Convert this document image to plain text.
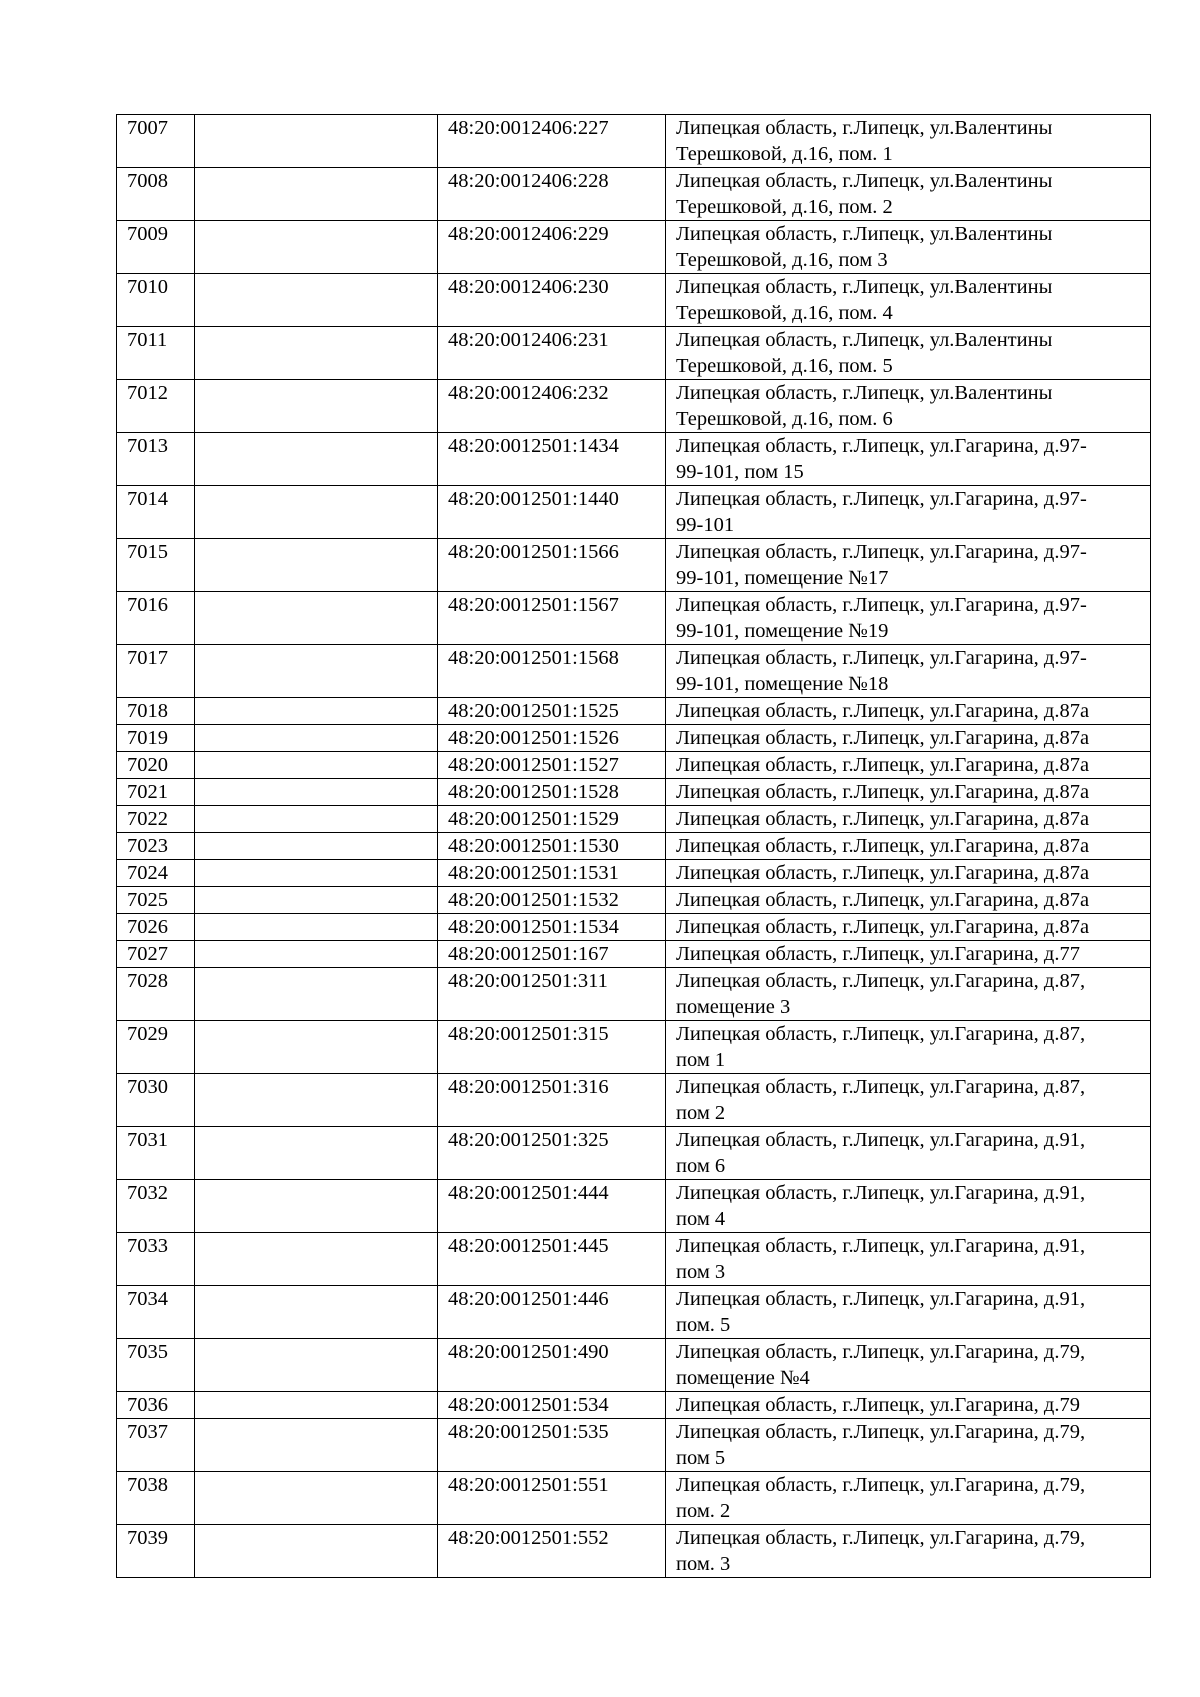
7007		48:20:0012406:227	Липецкая область, г.Липецк, ул.Валентины
Терешковой, д.16, пом. 1

7008		48:20:0012406:228	Липецкая область, г.Липецк, ул.Валентины
Терешковой, д.16, пом. 2

7009		48:20:0012406:229	Липецкая область, г.Липецк, ул.Валентины
Терешковой, д.16, пом 3

7010		48:20:0012406:230	Липецкая область, г.Липецк, ул.Валентины
Терешковой, д.16, пом. 4

7011		48:20:0012406:231	Липецкая область, г.Липецк, ул.Валентины
Терешковой, д.16, пом. 5

7012		48:20:0012406:232	Липецкая область, г.Липецк, ул.Валентины
Терешковой, д.16, пом. 6

7013		48:20:0012501:1434	Липецкая область, г.Липецк, ул.Гагарина, д.97-
99-101, пом 15

7014		48:20:0012501:1440	Липецкая область, г.Липецк, ул.Гагарина, д.97-
99-101

7015		48:20:0012501:1566	Липецкая область, г.Липецк, ул.Гагарина, д.97-
99-101, помещение №17

7016		48:20:0012501:1567	Липецкая область, г.Липецк, ул.Гагарина, д.97-
99-101, помещение №19

7017		48:20:0012501:1568	Липецкая область, г.Липецк, ул.Гагарина, д.97-
99-101, помещение №18

7018		48:20:0012501:1525	Липецкая область, г.Липецк, ул.Гагарина, д.87а

7019		48:20:0012501:1526	Липецкая область, г.Липецк, ул.Гагарина, д.87а

7020		48:20:0012501:1527	Липецкая область, г.Липецк, ул.Гагарина, д.87а

7021		48:20:0012501:1528	Липецкая область, г.Липецк, ул.Гагарина, д.87а

7022		48:20:0012501:1529	Липецкая область, г.Липецк, ул.Гагарина, д.87а

7023		48:20:0012501:1530	Липецкая область, г.Липецк, ул.Гагарина, д.87а

7024		48:20:0012501:1531	Липецкая область, г.Липецк, ул.Гагарина, д.87а

7025		48:20:0012501:1532	Липецкая область, г.Липецк, ул.Гагарина, д.87а

7026		48:20:0012501:1534	Липецкая область, г.Липецк, ул.Гагарина, д.87а

7027		48:20:0012501:167	Липецкая область, г.Липецк, ул.Гагарина, д.77

7028		48:20:0012501:311	Липецкая область, г.Липецк, ул.Гагарина, д.87,
помещение 3

7029		48:20:0012501:315	Липецкая область, г.Липецк, ул.Гагарина, д.87,
пом 1

7030		48:20:0012501:316	Липецкая область, г.Липецк, ул.Гагарина, д.87,
пом 2

7031		48:20:0012501:325	Липецкая область, г.Липецк, ул.Гагарина, д.91,
пом 6

7032		48:20:0012501:444	Липецкая область, г.Липецк, ул.Гагарина, д.91,
пом 4

7033		48:20:0012501:445	Липецкая область, г.Липецк, ул.Гагарина, д.91,
пом 3

7034		48:20:0012501:446	Липецкая область, г.Липецк, ул.Гагарина, д.91,
пом. 5

7035		48:20:0012501:490	Липецкая область, г.Липецк, ул.Гагарина, д.79,
помещение №4

7036		48:20:0012501:534	Липецкая область, г.Липецк, ул.Гагарина, д.79

7037		48:20:0012501:535	Липецкая область, г.Липецк, ул.Гагарина, д.79,
пом 5

7038		48:20:0012501:551	Липецкая область, г.Липецк, ул.Гагарина, д.79,
пом. 2

7039		48:20:0012501:552	Липецкая область, г.Липецк, ул.Гагарина, д.79,
пом. 3
